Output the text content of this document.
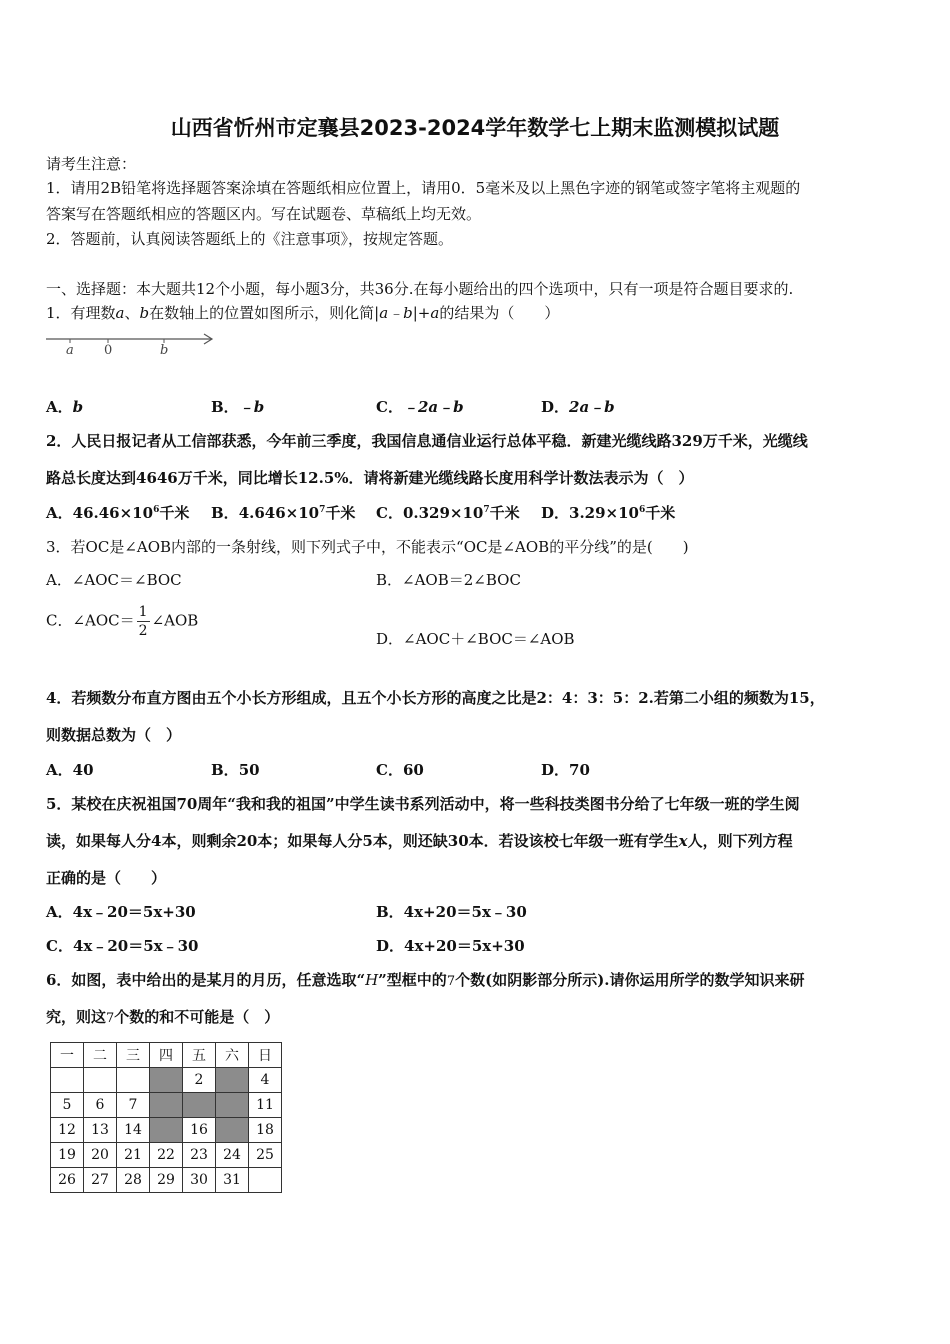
山西省忻州市定襄县2023-2024学年数学七上期末监测模拟试题
请考生注意：
1．请用2B铅笔将选择题答案涂填在答题纸相应位置上，请用0．5毫米及以上黑色字迹的钢笔或签字笔将主观题的
答案写在答题纸相应的答题区内。写在试题卷、草稿纸上均无效。
2．答题前，认真阅读答题纸上的《注意事项》，按规定答题。
一、选择题：本大题共12个小题，每小题3分，共36分.在每小题给出的四个选项中，只有一项是符合题目要求的.
1．有理数a、b在数轴上的位置如图所示，则化简|a﹣b|+a的结果为（　　）
a 0	b
A．b	B．﹣b	C．﹣2a﹣b	D．2a﹣b
2．人民日报记者从工信部获悉，今年前三季度，我国信息通信业运行总体平稳．新建光缆线路329万千米，光缆线
路总长度达到4646万千米，同比增长12.5%．请将新建光缆线路长度用科学计数法表示为（　）
A．$46.46\times 10^6$千米 B．$4.646\times 10^7$千米 C．$0.329\times 10^7$千米 D．$3.29\times 10^6$千米
3．若OC是∠AOB内部的一条射线，则下列式子中，不能表示“OC是∠AOB的平分线”的是(　　)
A．∠AOC＝∠BOC	B．∠AOB＝2∠BOC
C．∠AOC＝ $\frac{1}{2}$ ∠AOB
D．∠AOC＋∠BOC＝∠AOB
4．若频数分布直方图由五个小长方形组成，且五个小长方形的高度之比是2：4：3：5：2.若第二小组的频数为15，
则数据总数为（　）
A．40	B．50	C．60	D．70
5．某校在庆祝祖国70周年“我和我的祖国”中学生读书系列活动中，将一些科技类图书分给了七年级一班的学生阅
读，如果每人分4本，则剩余20本；如果每人分5本，则还缺30本．若设该校七年级一班有学生x人，则下列方程
正确的是（　　）
A．4x﹣20＝5x+30	B．4x+20＝5x﹣30
C．4x﹣20＝5x﹣30	D．4x+20＝5x+30
6．如图，表中给出的是某月的月历，任意选取“H”型框中的7个数(如阴影部分所示).请你运用所学的数学知识来研
究，则这7个数的和不可能是（　）
一	二	三	四	五	六	日
				2		4
5	6	7				11
12	13	14		16		18
19	20	21	22	23	24	25
26	27	28	29	30	31	
